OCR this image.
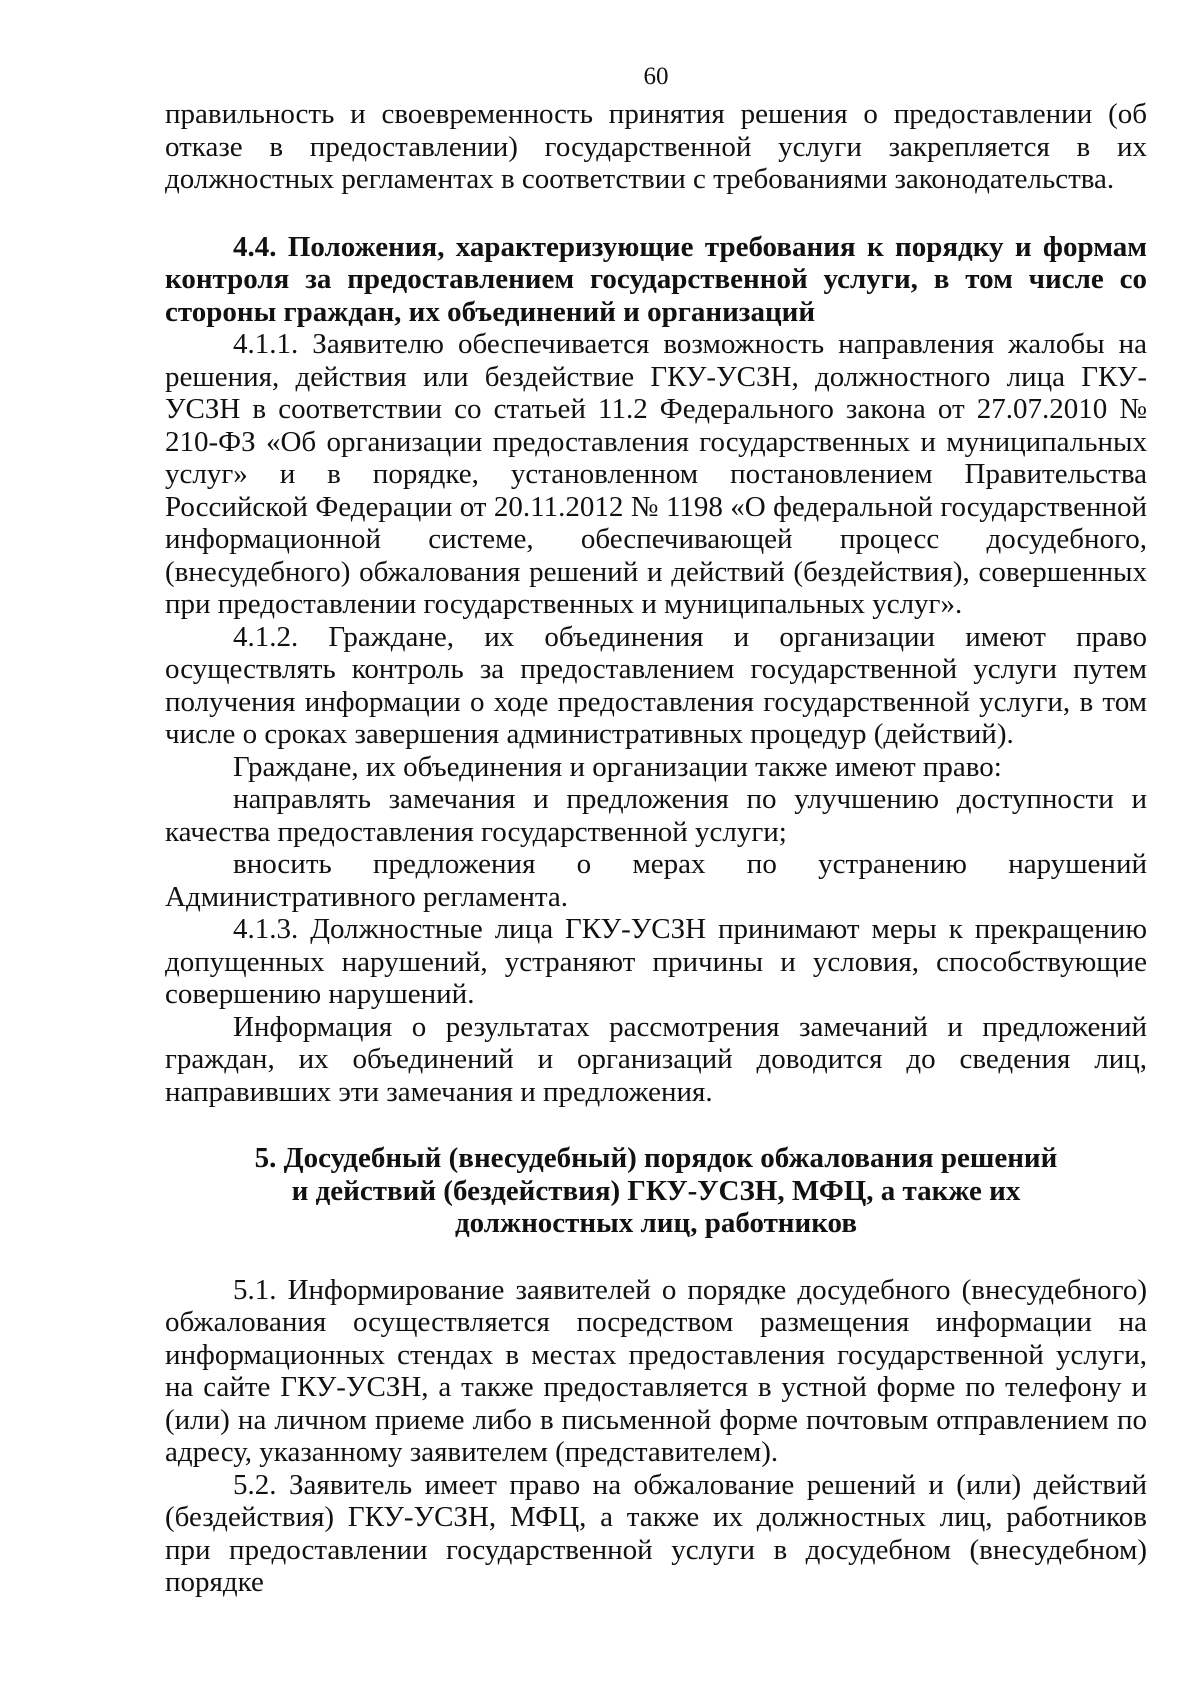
60

правильность и своевременность принятия решения о предоставлении (об отказе в предоставлении) государственной услуги закрепляется в их должностных регламентах в соответствии с требованиями законодательства.

4.4. Положения, характеризующие требования к порядку и формам контроля за предоставлением государственной услуги, в том числе со стороны граждан, их объединений и организаций

4.1.1. Заявителю обеспечивается возможность направления жалобы на решения, действия или бездействие ГКУ-УСЗН, должностного лица ГКУ-УСЗН в соответствии со статьей 11.2 Федерального закона от 27.07.2010 № 210-ФЗ «Об организации предоставления государственных и муниципальных услуг» и в порядке, установленном постановлением Правительства Российской Федерации от 20.11.2012 № 1198 «О федеральной государственной информационной системе, обеспечивающей процесс досудебного, (внесудебного) обжалования решений и действий (бездействия), совершенных при предоставлении государственных и муниципальных услуг».

4.1.2. Граждане, их объединения и организации имеют право осуществлять контроль за предоставлением государственной услуги путем получения информации о ходе предоставления государственной услуги, в том числе о сроках завершения административных процедур (действий).

Граждане, их объединения и организации также имеют право:

направлять замечания и предложения по улучшению доступности и качества предоставления государственной услуги;

вносить предложения о мерах по устранению нарушений Административного регламента.

4.1.3. Должностные лица ГКУ-УСЗН принимают меры к прекращению допущенных нарушений, устраняют причины и условия, способствующие совершению нарушений.

Информация о результатах рассмотрения замечаний и предложений граждан, их объединений и организаций доводится до сведения лиц, направивших эти замечания и предложения.

5. Досудебный (внесудебный) порядок обжалования решений
и действий (бездействия) ГКУ-УСЗН, МФЦ, а также их
должностных лиц, работников

5.1. Информирование заявителей о порядке досудебного (внесудебного) обжалования осуществляется посредством размещения информации на информационных стендах в местах предоставления государственной услуги, на сайте ГКУ-УСЗН, а также предоставляется в устной форме по телефону и (или) на личном приеме либо в письменной форме почтовым отправлением по адресу, указанному заявителем (представителем).

5.2. Заявитель имеет право на обжалование решений и (или) действий (бездействия) ГКУ-УСЗН, МФЦ, а также их должностных лиц, работников при предоставлении государственной услуги в досудебном (внесудебном) порядке
